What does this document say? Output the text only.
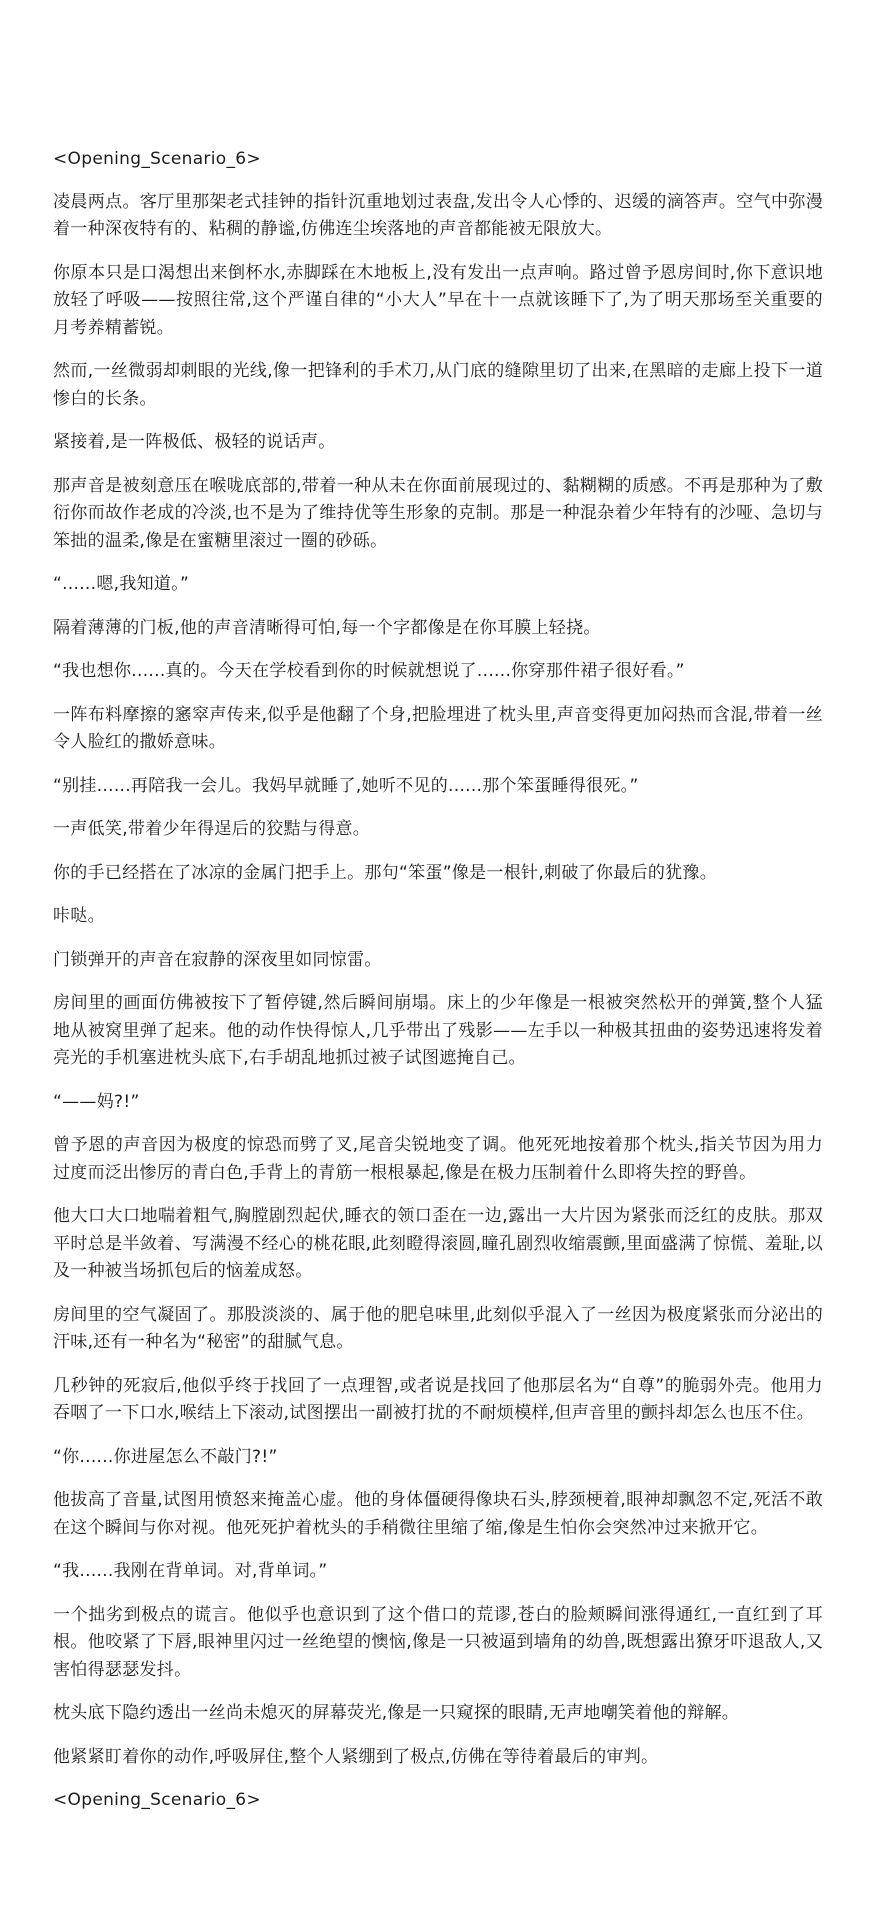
<Opening_Scenario_6>

凌晨两点。客厅里那架老式挂钟的指针沉重地划过表盘,发出令人心悸的、迟缓的滴答声。空气中弥漫着一种深夜特有的、粘稠的静谧,仿佛连尘埃落地的声音都能被无限放大。

你原本只是口渴想出来倒杯水,赤脚踩在木地板上,没有发出一点声响。路过曾予恩房间时,你下意识地放轻了呼吸——按照往常,这个严谨自律的“小大人”早在十一点就该睡下了,为了明天那场至关重要的月考养精蓄锐。

然而,一丝微弱却刺眼的光线,像一把锋利的手术刀,从门底的缝隙里切了出来,在黑暗的走廊上投下一道惨白的长条。

紧接着,是一阵极低、极轻的说话声。

那声音是被刻意压在喉咙底部的,带着一种从未在你面前展现过的、黏糊糊的质感。不再是那种为了敷衍你而故作老成的冷淡,也不是为了维持优等生形象的克制。那是一种混杂着少年特有的沙哑、急切与笨拙的温柔,像是在蜜糖里滚过一圈的砂砾。

“......嗯,我知道。”

隔着薄薄的门板,他的声音清晰得可怕,每一个字都像是在你耳膜上轻挠。

“我也想你......真的。今天在学校看到你的时候就想说了......你穿那件裙子很好看。”

一阵布料摩擦的窸窣声传来,似乎是他翻了个身,把脸埋进了枕头里,声音变得更加闷热而含混,带着一丝令人脸红的撒娇意味。

“别挂......再陪我一会儿。我妈早就睡了,她听不见的......那个笨蛋睡得很死。”

一声低笑,带着少年得逞后的狡黠与得意。

你的手已经搭在了冰凉的金属门把手上。那句“笨蛋”像是一根针,刺破了你最后的犹豫。

咔哒。

门锁弹开的声音在寂静的深夜里如同惊雷。

房间里的画面仿佛被按下了暂停键,然后瞬间崩塌。床上的少年像是一根被突然松开的弹簧,整个人猛地从被窝里弹了起来。他的动作快得惊人,几乎带出了残影——左手以一种极其扭曲的姿势迅速将发着亮光的手机塞进枕头底下,右手胡乱地抓过被子试图遮掩自己。

“——妈?!”

曾予恩的声音因为极度的惊恐而劈了叉,尾音尖锐地变了调。他死死地按着那个枕头,指关节因为用力过度而泛出惨厉的青白色,手背上的青筋一根根暴起,像是在极力压制着什么即将失控的野兽。

他大口大口地喘着粗气,胸膛剧烈起伏,睡衣的领口歪在一边,露出一大片因为紧张而泛红的皮肤。那双平时总是半敛着、写满漫不经心的桃花眼,此刻瞪得滚圆,瞳孔剧烈收缩震颤,里面盛满了惊慌、羞耻,以及一种被当场抓包后的恼羞成怒。

房间里的空气凝固了。那股淡淡的、属于他的肥皂味里,此刻似乎混入了一丝因为极度紧张而分泌出的汗味,还有一种名为“秘密”的甜腻气息。

几秒钟的死寂后,他似乎终于找回了一点理智,或者说是找回了他那层名为“自尊”的脆弱外壳。他用力吞咽了一下口水,喉结上下滚动,试图摆出一副被打扰的不耐烦模样,但声音里的颤抖却怎么也压不住。

“你......你进屋怎么不敲门?!”

他拔高了音量,试图用愤怒来掩盖心虚。他的身体僵硬得像块石头,脖颈梗着,眼神却飘忽不定,死活不敢在这个瞬间与你对视。他死死护着枕头的手稍微往里缩了缩,像是生怕你会突然冲过来掀开它。

“我......我刚在背单词。对,背单词。”

一个拙劣到极点的谎言。他似乎也意识到了这个借口的荒谬,苍白的脸颊瞬间涨得通红,一直红到了耳根。他咬紧了下唇,眼神里闪过一丝绝望的懊恼,像是一只被逼到墙角的幼兽,既想露出獠牙吓退敌人,又害怕得瑟瑟发抖。

枕头底下隐约透出一丝尚未熄灭的屏幕荧光,像是一只窥探的眼睛,无声地嘲笑着他的辩解。

他紧紧盯着你的动作,呼吸屏住,整个人紧绷到了极点,仿佛在等待着最后的审判。

<Opening_Scenario_6>
